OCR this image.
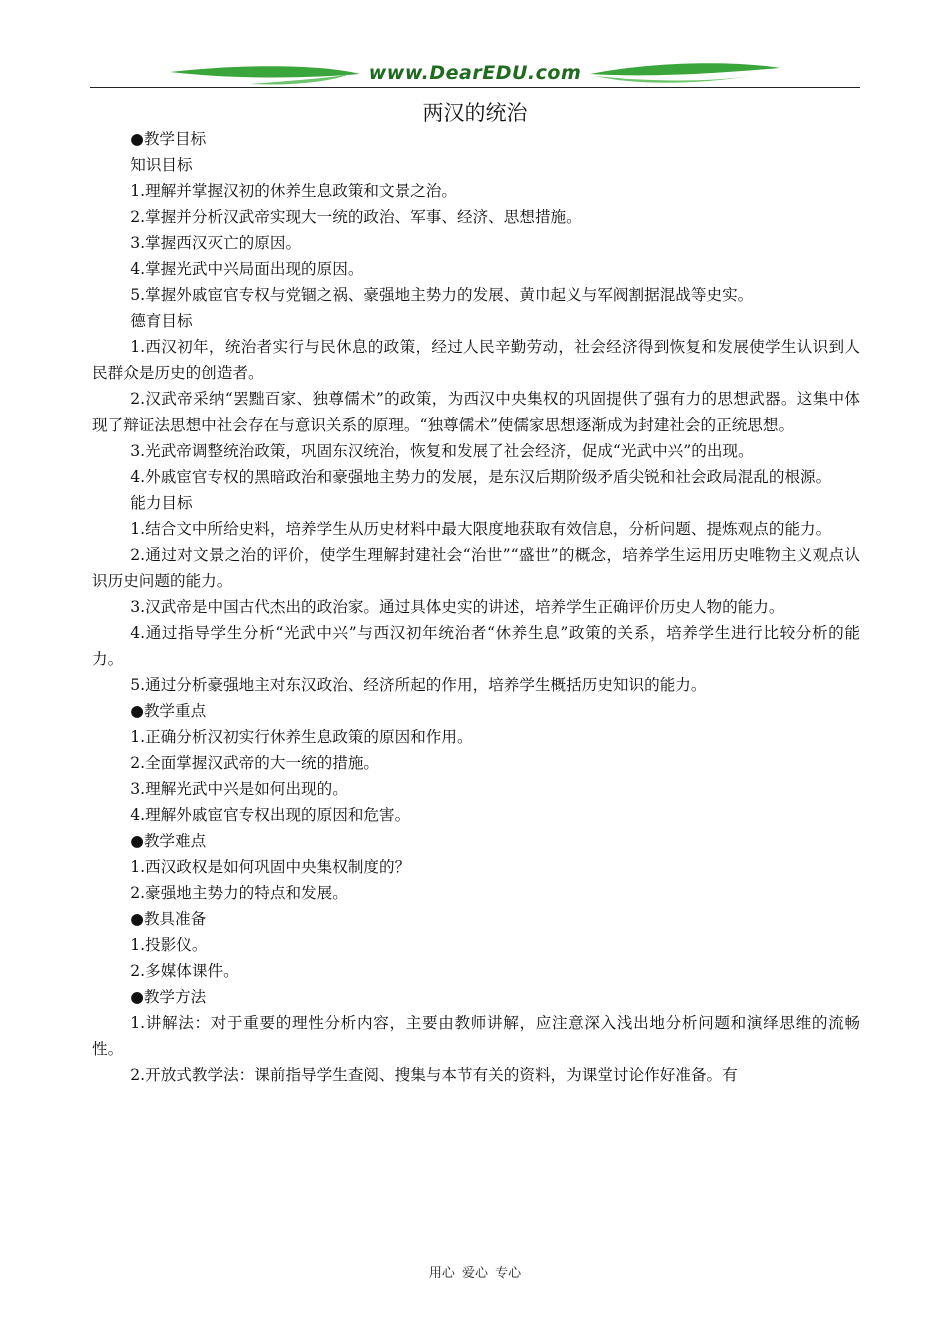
www.DearEDU.com
两汉的统治

●教学目标

知识目标

1.理解并掌握汉初的休养生息政策和文景之治。

2.掌握并分析汉武帝实现大一统的政治、军事、经济、思想措施。

3.掌握西汉灭亡的原因。

4.掌握光武中兴局面出现的原因。

5.掌握外戚宦官专权与党锢之祸、豪强地主势力的发展、黄巾起义与军阀割据混战等史实。

德育目标

1.西汉初年，统治者实行与民休息的政策，经过人民辛勤劳动，社会经济得到恢复和发展使学生认识到人民群众是历史的创造者。

2.汉武帝采纳“罢黜百家、独尊儒术”的政策，为西汉中央集权的巩固提供了强有力的思想武器。这集中体现了辩证法思想中社会存在与意识关系的原理。“独尊儒术”使儒家思想逐渐成为封建社会的正统思想。

3.光武帝调整统治政策，巩固东汉统治，恢复和发展了社会经济，促成“光武中兴”的出现。

4.外戚宦官专权的黑暗政治和豪强地主势力的发展，是东汉后期阶级矛盾尖锐和社会政局混乱的根源。

能力目标

1.结合文中所给史料，培养学生从历史材料中最大限度地获取有效信息，分析问题、提炼观点的能力。

2.通过对文景之治的评价，使学生理解封建社会“治世”“盛世”的概念，培养学生运用历史唯物主义观点认识历史问题的能力。

3.汉武帝是中国古代杰出的政治家。通过具体史实的讲述，培养学生正确评价历史人物的能力。

4.通过指导学生分析“光武中兴”与西汉初年统治者“休养生息”政策的关系，培养学生进行比较分析的能力。

5.通过分析豪强地主对东汉政治、经济所起的作用，培养学生概括历史知识的能力。

●教学重点

1.正确分析汉初实行休养生息政策的原因和作用。

2.全面掌握汉武帝的大一统的措施。

3.理解光武中兴是如何出现的。

4.理解外戚宦官专权出现的原因和危害。

●教学难点

1.西汉政权是如何巩固中央集权制度的？

2.豪强地主势力的特点和发展。

●教具准备

1.投影仪。

2.多媒体课件。

●教学方法

1.讲解法：对于重要的理性分析内容，主要由教师讲解，应注意深入浅出地分析问题和演绎思维的流畅性。

2.开放式教学法：课前指导学生查阅、搜集与本节有关的资料，为课堂讨论作好准备。有

用心 爱心 专心
